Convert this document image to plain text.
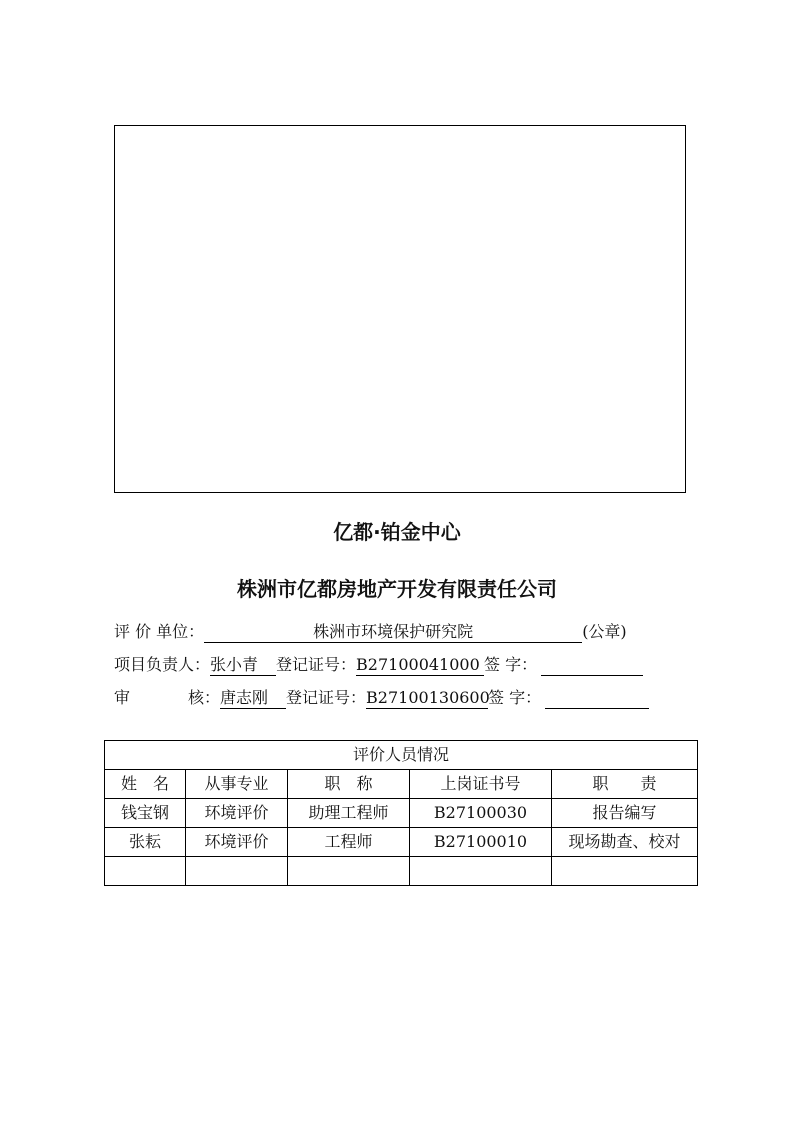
亿都·铂金中心
株洲市亿都房地产开发有限责任公司
评 价 单位：	株洲市环境保护研究院	(公章)
项目负责人：张小青 登记证号：B27100041000 签 字：
审	核：唐志刚 登记证号：B27100130600签 字：
评价人员情况				
姓　名	从事专业	职　称	上岗证书号	职　　责
钱宝钢	环境评价	助理工程师	B27100030	报告编写
张耘	环境评价	工程师	B27100010	现场勘查、校对
